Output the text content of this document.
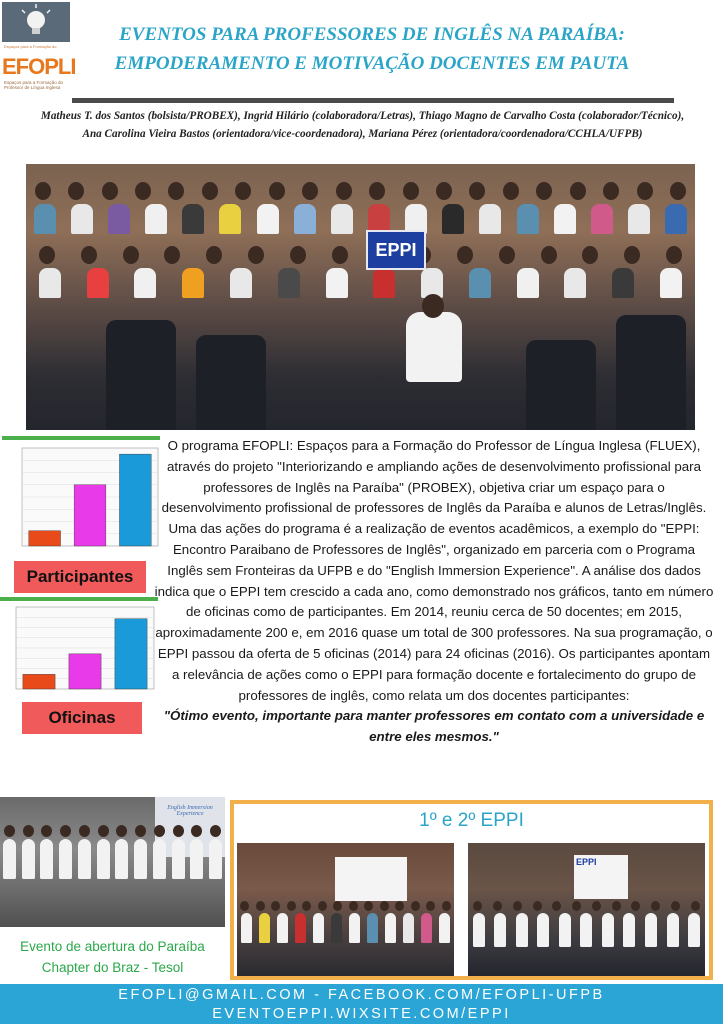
Espaços para a Formação do
EFOPLI
Espaços para a Formação do Professor de Língua Inglesa
EVENTOS PARA PROFESSORES DE INGLÊS NA PARAÍBA:
EMPODERAMENTO E MOTIVAÇÃO DOCENTES EM PAUTA
Matheus T. dos Santos (bolsista/PROBEX), Ingrid Hilário (colaboradora/Letras), Thiago Magno de Carvalho Costa (colaborador/Técnico), Ana Carolina Vieira Bastos (orientadora/vice-coordenadora), Mariana Pérez (orientadora/coordenadora/CCHLA/UFPB)
EPPI
Participantes
Oficinas
O programa EFOPLI: Espaços para a Formação do Professor de Língua Inglesa (FLUEX), através do projeto "Interiorizando e ampliando ações de desenvolvimento profissional para professores de Inglês na Paraíba" (PROBEX), objetiva criar um espaço para o desenvolvimento profissional de professores de Inglês da Paraíba e alunos de Letras/Inglês. Uma das ações do programa é a realização de eventos acadêmicos, a exemplo do "EPPI: Encontro Paraibano de Professores de Inglês", organizado em parceria com o Programa Inglês sem Fronteiras da UFPB e do "English Immersion Experience". A análise dos dados indica que o EPPI tem crescido a cada ano, como demonstrado nos gráficos, tanto em número de oficinas como de participantes. Em 2014, reuniu cerca de 50 docentes; em 2015, aproximadamente 200 e, em 2016 quase um total de 300 professores. Na sua programação, o EPPI passou da oferta de 5 oficinas (2014) para 24 oficinas (2016). Os participantes apontam a relevância de ações como o EPPI para formação docente e fortalecimento do grupo de professores de inglês, como relata um dos docentes participantes:
"Ótimo evento, importante para manter professores em contato com a universidade e entre eles mesmos."
English Immersion Experience
Evento de abertura do Paraíba Chapter do Braz - Tesol
1º e 2º EPPI
EPPI
EFOPLI@GMAIL.COM - FACEBOOK.COM/EFOPLI-UFPB
EVENTOEPPI.WIXSITE.COM/EPPI
